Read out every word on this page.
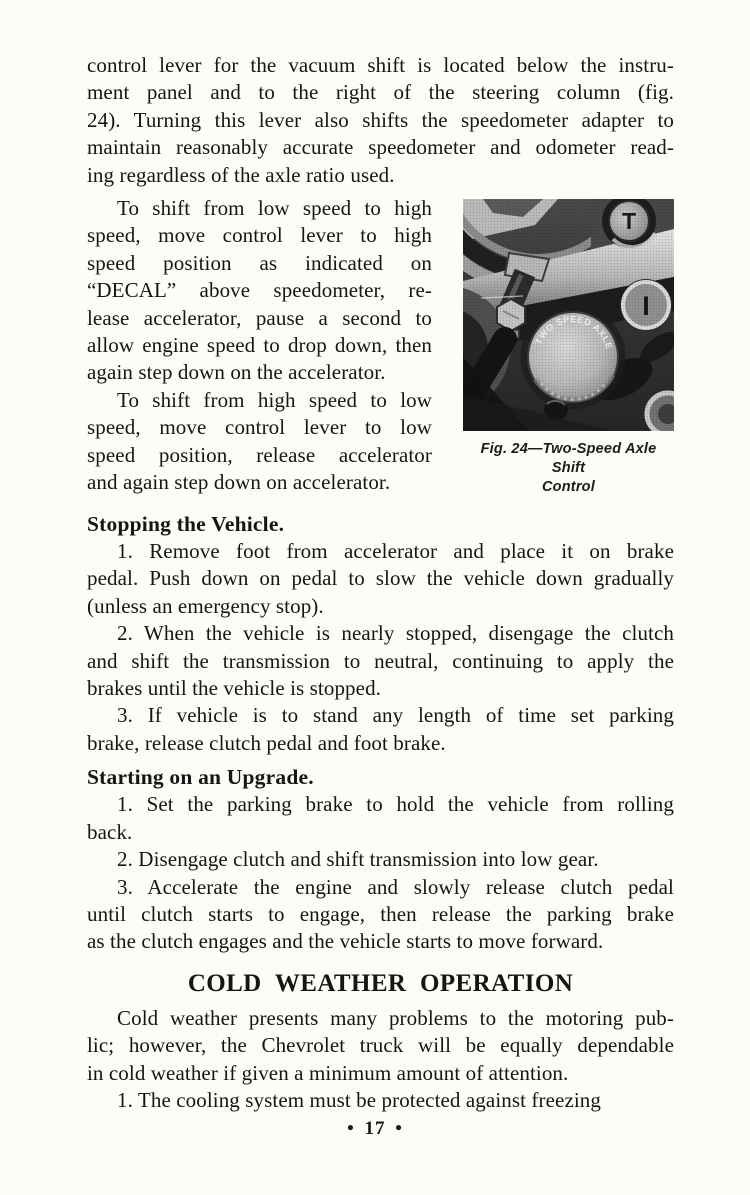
control lever for the vacuum shift is located below the instru-
ment panel and to the right of the steering column (fig.
24). Turning this lever also shifts the speedometer adapter to
maintain reasonably accurate speedometer and odometer read-
ing regardless of the axle ratio used.
Fig. 24—Two-Speed Axle Shift
Control
To shift from low speed to high
speed, move control lever to high
speed position as indicated on
“DECAL” above speedometer, re-
lease accelerator, pause a second to
allow engine speed to drop down, then
again step down on the accelerator.
To shift from high speed to low
speed, move control lever to low
speed position, release accelerator
and again step down on accelerator.
Stopping the Vehicle.
1. Remove foot from accelerator and place it on brake
pedal. Push down on pedal to slow the vehicle down gradually
(unless an emergency stop).
2. When the vehicle is nearly stopped, disengage the clutch
and shift the transmission to neutral, continuing to apply the
brakes until the vehicle is stopped.
3. If vehicle is to stand any length of time set parking
brake, release clutch pedal and foot brake.
Starting on an Upgrade.
1. Set the parking brake to hold the vehicle from rolling
back.
2. Disengage clutch and shift transmission into low gear.
3. Accelerate the engine and slowly release clutch pedal
until clutch starts to engage, then release the parking brake
as the clutch engages and the vehicle starts to move forward.
COLD WEATHER OPERATION
Cold weather presents many problems to the motoring pub-
lic; however, the Chevrolet truck will be equally dependable
in cold weather if given a minimum amount of attention.
1. The cooling system must be protected against freezing
• 17 •
